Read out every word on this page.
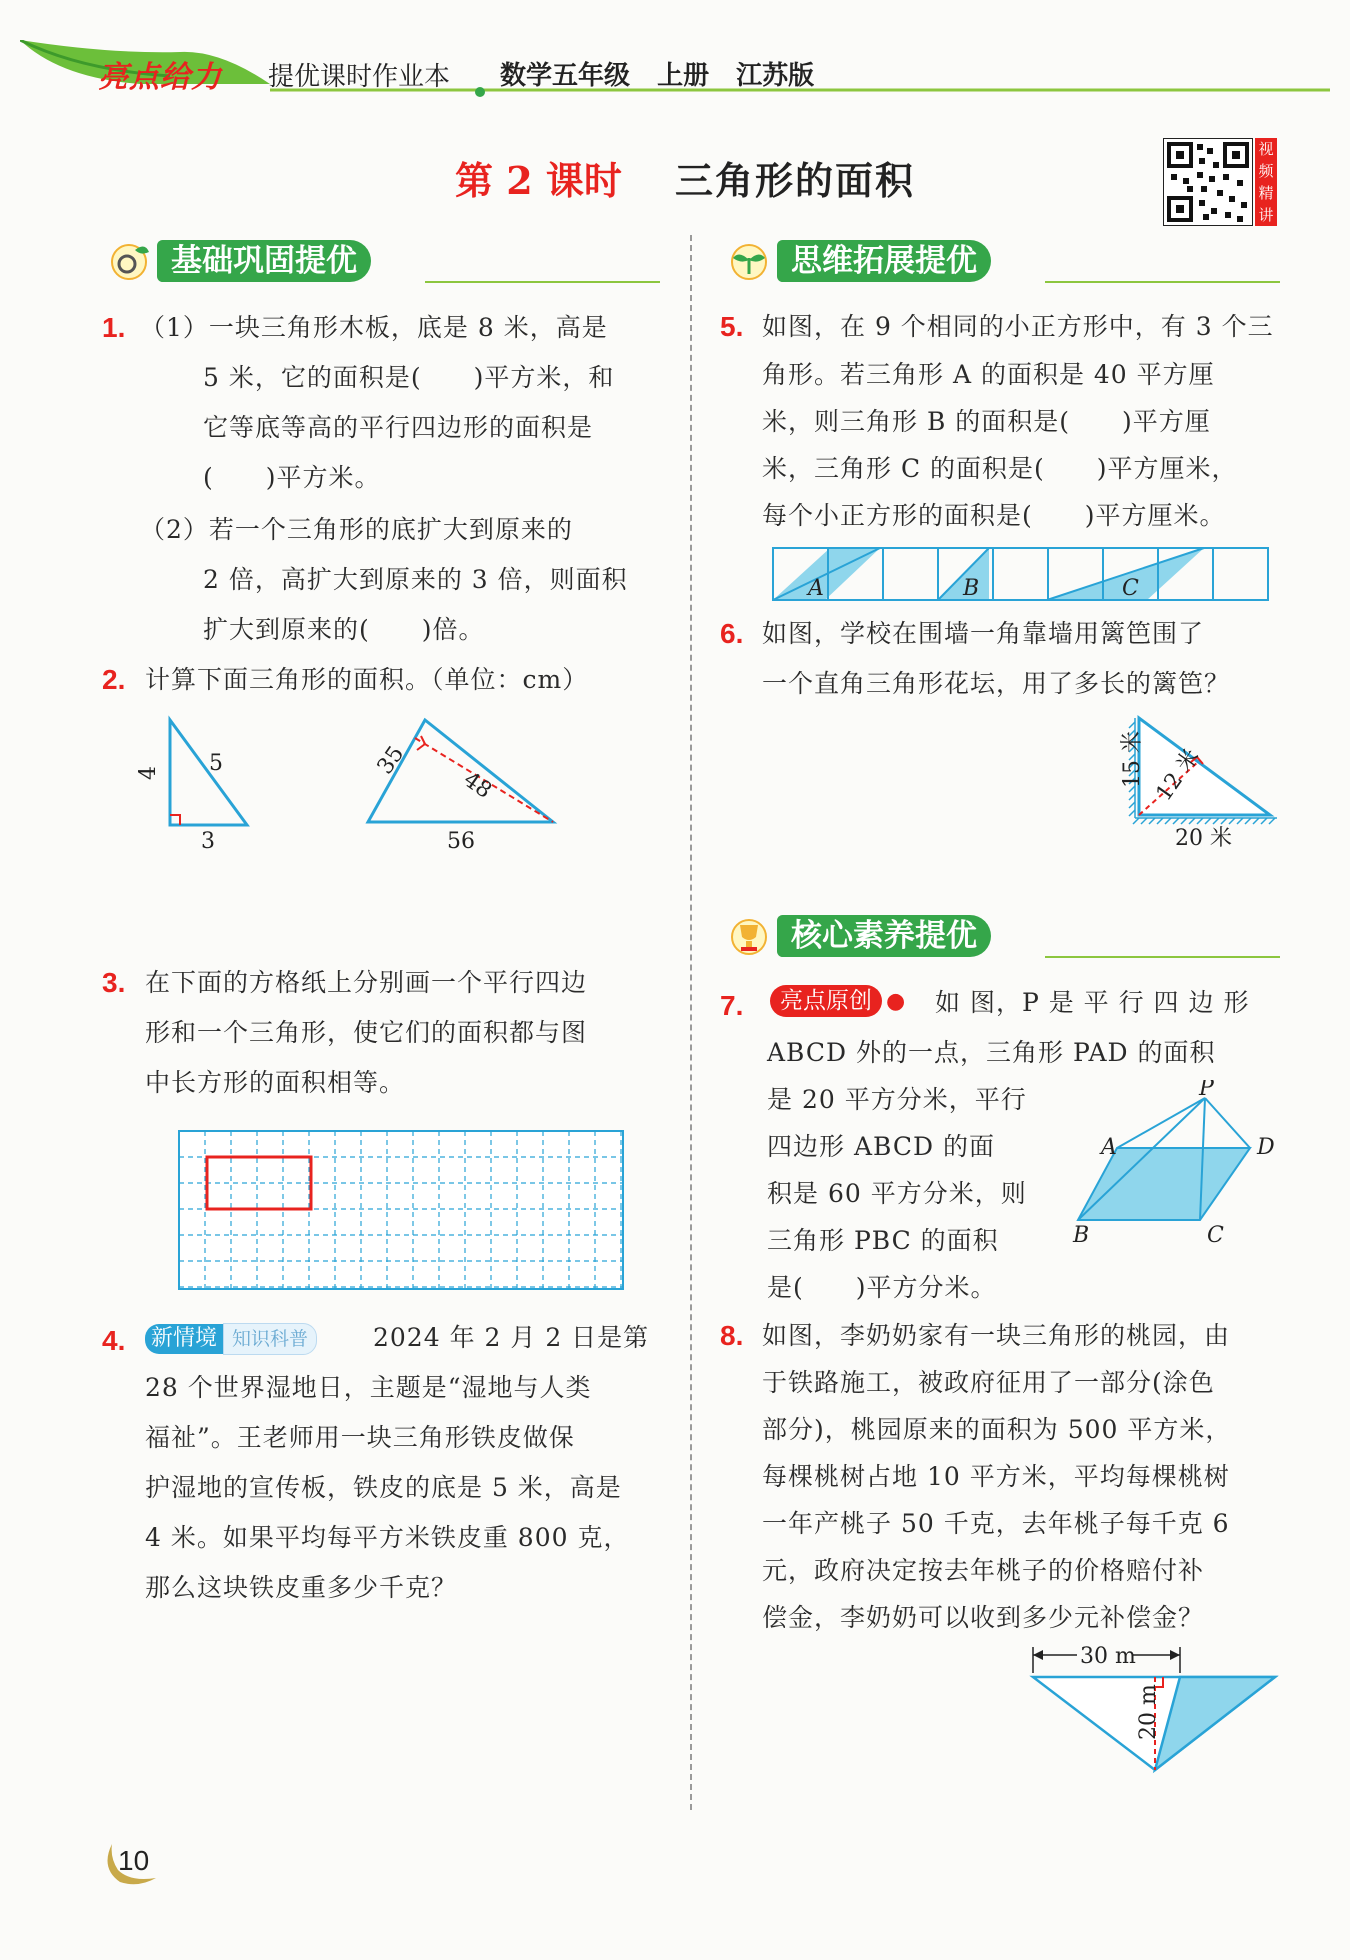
亮点给力 提优课时作业本 数学五年级 上册 江苏版
第 2 课时 三角形的面积
视频精讲
基础巩固提优	思维拓展提优
核心素养提优
1. （1）一块三角形木板，底是 8 米，高是
5 米，它的面积是(　　)平方米，和
它等底等高的平行四边形的面积是
(　　)平方米。
（2）若一个三角形的底扩大到原来的
2 倍，高扩大到原来的 3 倍，则面积
扩大到原来的(　　)倍。
2. 计算下面三角形的面积。（单位：cm）
4 5
3
35
48
56
3. 在下面的方格纸上分别画一个平行四边
形和一个三角形，使它们的面积都与图
中长方形的面积相等。
4. 新情境 知识科普	2024 年 2 月 2 日是第
28 个世界湿地日，主题是“湿地与人类
福祉”。王老师用一块三角形铁皮做保
护湿地的宣传板，铁皮的底是 5 米，高是
4 米。如果平均每平方米铁皮重 800 克，
那么这块铁皮重多少千克？
5. 如图，在 9 个相同的小正方形中，有 3 个三
角形。若三角形 A 的面积是 40 平方厘
米，则三角形 B 的面积是(　　)平方厘
米，三角形 C 的面积是(　　)平方厘米，
每个小正方形的面积是(　　)平方厘米。
A	B	C
6. 如图，学校在围墙一角靠墙用篱笆围了
一个直角三角形花坛，用了多长的篱笆？
15 米 12 米
20 米
7.	亮点原创 ● 如 图，P 是 平 行 四 边 形
ABCD 外的一点，三角形 PAD 的面积
是 20 平方分米，平行
四边形 ABCD 的面
积是 60 平方分米，则
三角形 PBC 的面积
是(　　)平方分米。
P
A	D
B	C
8. 如图，李奶奶家有一块三角形的桃园，由
于铁路施工，被政府征用了一部分(涂色
部分)，桃园原来的面积为 500 平方米，
每棵桃树占地 10 平方米，平均每棵桃树
一年产桃子 50 千克，去年桃子每千克 6
元，政府决定按去年桃子的价格赔付补
偿金，李奶奶可以收到多少元补偿金？
30 m
20 m
10
